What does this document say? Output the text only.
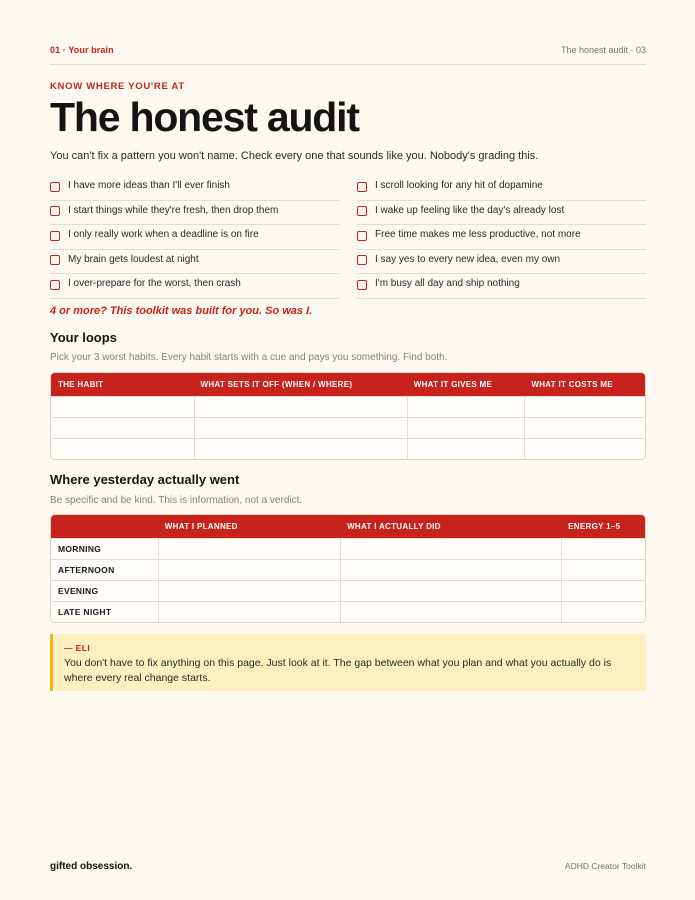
01 · Your brain	The honest audit · 03
KNOW WHERE YOU'RE AT
The honest audit

You can't fix a pattern you won't name. Check every one that sounds like you. Nobody's grading this.

I have more ideas than I'll ever finish
I start things while they're fresh, then drop them
I only really work when a deadline is on fire
My brain gets loudest at night
I over-prepare for the worst, then crash
I scroll looking for any hit of dopamine
I wake up feeling like the day's already lost
Free time makes me less productive, not more
I say yes to every new idea, even my own
I'm busy all day and ship nothing

4 or more? This toolkit was built for you. So was I.

Your loops

Pick your 3 worst habits. Every habit starts with a cue and pays you something. Find both.

THE HABIT	WHAT SETS IT OFF (WHEN / WHERE)	WHAT IT GIVES ME	WHAT IT COSTS ME

Where yesterday actually went

Be specific and be kind. This is information, not a verdict.

	WHAT I PLANNED	WHAT I ACTUALLY DID	ENERGY 1–5
MORNING			
AFTERNOON			
EVENING			
LATE NIGHT			
— ELI
You don't have to fix anything on this page. Just look at it. The gap between what you plan and what you actually do is where every real change starts.
gifted obsession.	ADHD Creator Toolkit
